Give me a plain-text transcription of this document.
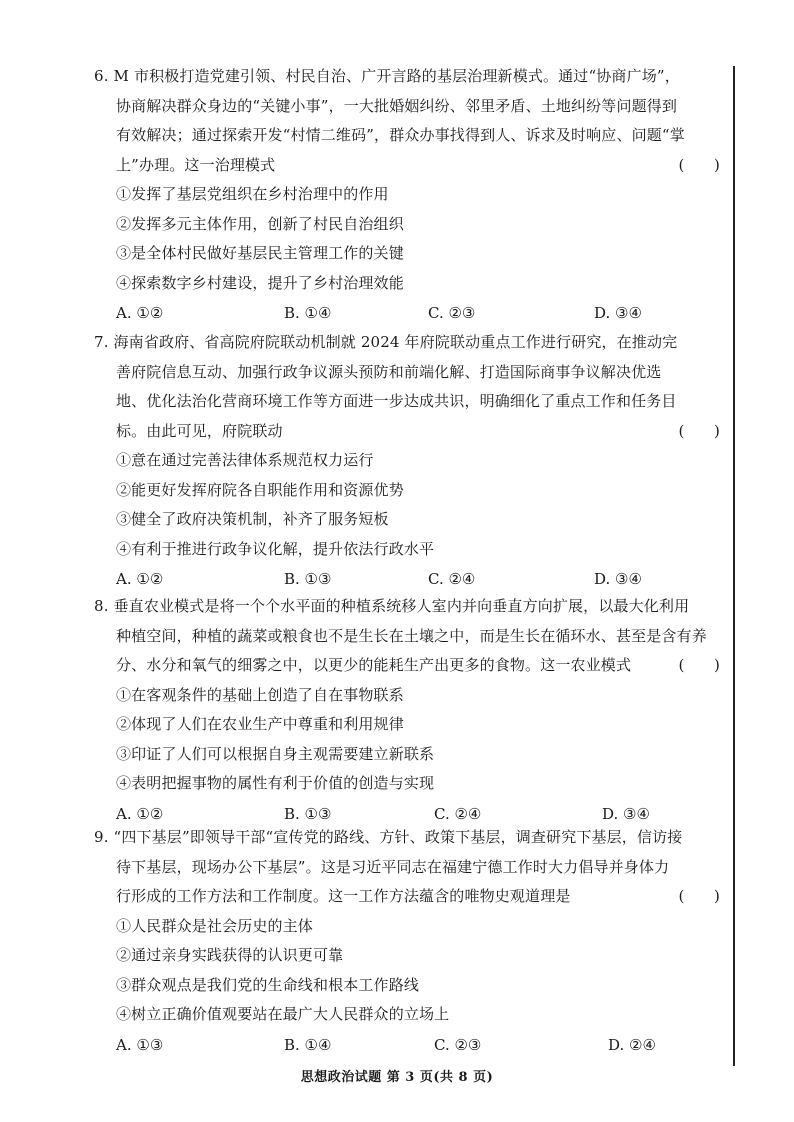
6. M 市积极打造党建引领、村民自治、广开言路的基层治理新模式。通过“协商广场”，
协商解决群众身边的“关键小事”，一大批婚姻纠纷、邻里矛盾、土地纠纷等问题得到
有效解决；通过探索开发“村情二维码”，群众办事找得到人、诉求及时响应、问题“掌
上”办理。这一治理模式	(      )
①发挥了基层党组织在乡村治理中的作用
②发挥多元主体作用，创新了村民自治组织
③是全体村民做好基层民主管理工作的关键
④探索数字乡村建设，提升了乡村治理效能
A. ①②	B. ①④	C. ②③	D. ③④
7. 海南省政府、省高院府院联动机制就 2024 年府院联动重点工作进行研究，在推动完
善府院信息互动、加强行政争议源头预防和前端化解、打造国际商事争议解决优选
地、优化法治化营商环境工作等方面进一步达成共识，明确细化了重点工作和任务目
标。由此可见，府院联动	(      )
①意在通过完善法律体系规范权力运行
②能更好发挥府院各自职能作用和资源优势
③健全了政府决策机制，补齐了服务短板
④有利于推进行政争议化解，提升依法行政水平
A. ①②	B. ①③	C. ②④	D. ③④
8. 垂直农业模式是将一个个水平面的种植系统移人室内并向垂直方向扩展，以最大化利用
种植空间，种植的蔬菜或粮食也不是生长在土壤之中，而是生长在循环水、甚至是含有养
分、水分和氧气的细雾之中，以更少的能耗生产出更多的食物。这一农业模式	(      )
①在客观条件的基础上创造了自在事物联系
②体现了人们在农业生产中尊重和利用规律
③印证了人们可以根据自身主观需要建立新联系
④表明把握事物的属性有利于价值的创造与实现
A. ①②	B. ①③	C. ②④	D. ③④
9. “四下基层”即领导干部“宣传党的路线、方针、政策下基层，调查研究下基层，信访接
待下基层，现场办公下基层”。这是习近平同志在福建宁德工作时大力倡导并身体力
行形成的工作方法和工作制度。这一工作方法蕴含的唯物史观道理是	(      )
①人民群众是社会历史的主体
②通过亲身实践获得的认识更可靠
③群众观点是我们党的生命线和根本工作路线
④树立正确价值观要站在最广大人民群众的立场上
A. ①③	B. ①④	C. ②③	D. ②④
思想政治试题 第 3 页(共 8 页)
